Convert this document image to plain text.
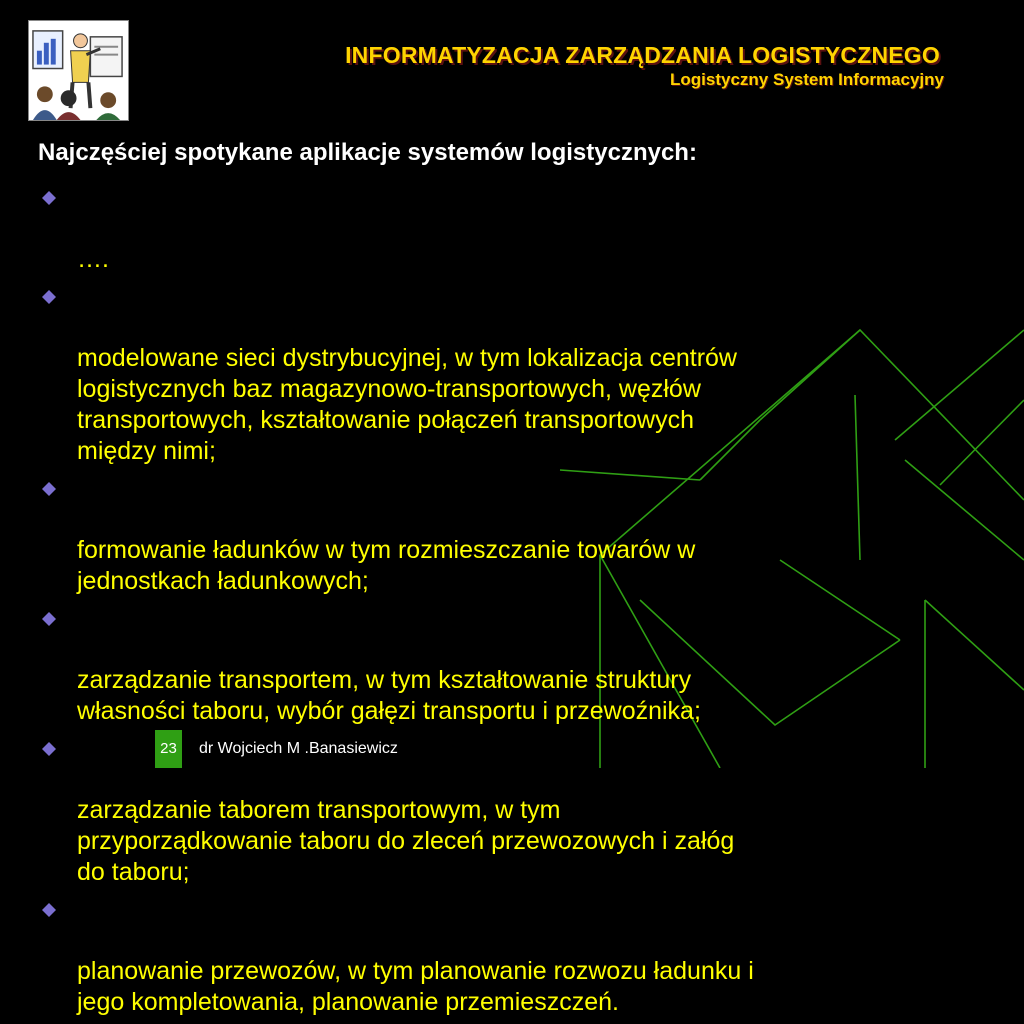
INFORMATYZACJA ZARZĄDZANIA LOGISTYCZNEGO
Logistyczny System Informacyjny
Najczęściej spotykane aplikacje systemów logistycznych:

….

modelowane sieci dystrybucyjnej, w tym lokalizacja centrów
logistycznych baz magazynowo-transportowych, węzłów
transportowych, kształtowanie połączeń transportowych
między nimi;

formowanie ładunków w tym rozmieszczanie towarów w
jednostkach ładunkowych;

zarządzanie transportem, w tym kształtowanie struktury
własności taboru, wybór gałęzi transportu i przewoźnika;

zarządzanie taborem transportowym, w tym
przyporządkowanie taboru do zleceń przewozowych i załóg
do taboru;

planowanie przewozów, w tym planowanie rozwozu ładunku i
jego kompletowania, planowanie przemieszczeń.

23	dr Wojciech M .Banasiewicz
